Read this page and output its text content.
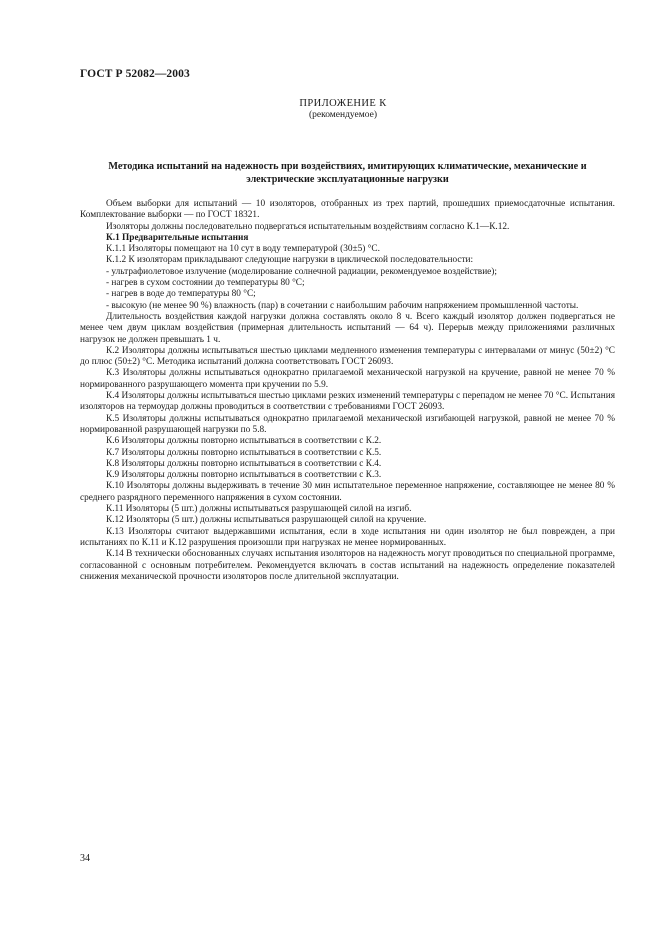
ГОСТ Р 52082—2003
ПРИЛОЖЕНИЕ К
(рекомендуемое)
Методика испытаний на надежность при воздействиях, имитирующих климатические, механические и электрические эксплуатационные нагрузки

Объем выборки для испытаний — 10 изоляторов, отобранных из трех партий, прошедших приемосдаточные испытания. Комплектование выборки — по ГОСТ 18321.

Изоляторы должны последовательно подвергаться испытательным воздействиям согласно К.1—К.12.

К.1 Предварительные испытания

К.1.1 Изоляторы помещают на 10 сут в воду температурой (30±5) °С.

К.1.2 К изоляторам прикладывают следующие нагрузки в циклической последовательности:

- ультрафиолетовое излучение (моделирование солнечной радиации, рекомендуемое воздействие);

- нагрев в сухом состоянии до температуры 80 °С;

- нагрев в воде до температуры 80 °С;

- высокую (не менее 90 %) влажность (пар) в сочетании с наибольшим рабочим напряжением промышленной частоты.

Длительность воздействия каждой нагрузки должна составлять около 8 ч. Всего каждый изолятор должен подвергаться не менее чем двум циклам воздействия (примерная длительность испытаний — 64 ч). Перерыв между приложениями различных нагрузок не должен превышать 1 ч.

К.2 Изоляторы должны испытываться шестью циклами медленного изменения температуры с интервалами от минус (50±2) °С до плюс (50±2) °С. Методика испытаний должна соответствовать ГОСТ 26093.

К.3 Изоляторы должны испытываться однократно прилагаемой механической нагрузкой на кручение, равной не менее 70 % нормированного разрушающего момента при кручении по 5.9.

К.4 Изоляторы должны испытываться шестью циклами резких изменений температуры с перепадом не менее 70 °С. Испытания изоляторов на термоудар должны проводиться в соответствии с требованиями ГОСТ 26093.

К.5 Изоляторы должны испытываться однократно прилагаемой механической изгибающей нагрузкой, равной не менее 70 % нормированной разрушающей нагрузки по 5.8.

К.6 Изоляторы должны повторно испытываться в соответствии с К.2.

К.7 Изоляторы должны повторно испытываться в соответствии с К.5.

К.8 Изоляторы должны повторно испытываться в соответствии с К.4.

К.9 Изоляторы должны повторно испытываться в соответствии с К.3.

К.10 Изоляторы должны выдерживать в течение 30 мин испытательное переменное напряжение, составляющее не менее 80 % среднего разрядного переменного напряжения в сухом состоянии.

К.11 Изоляторы (5 шт.) должны испытываться разрушающей силой на изгиб.

К.12 Изоляторы (5 шт.) должны испытываться разрушающей силой на кручение.

К.13 Изоляторы считают выдержавшими испытания, если в ходе испытания ни один изолятор не был поврежден, а при испытаниях по К.11 и К.12 разрушения произошли при нагрузках не менее нормированных.

К.14 В технически обоснованных случаях испытания изоляторов на надежность могут проводиться по специальной программе, согласованной с основным потребителем. Рекомендуется включать в состав испытаний на надежность определение показателей снижения механической прочности изоляторов после длительной эксплуатации.

34
